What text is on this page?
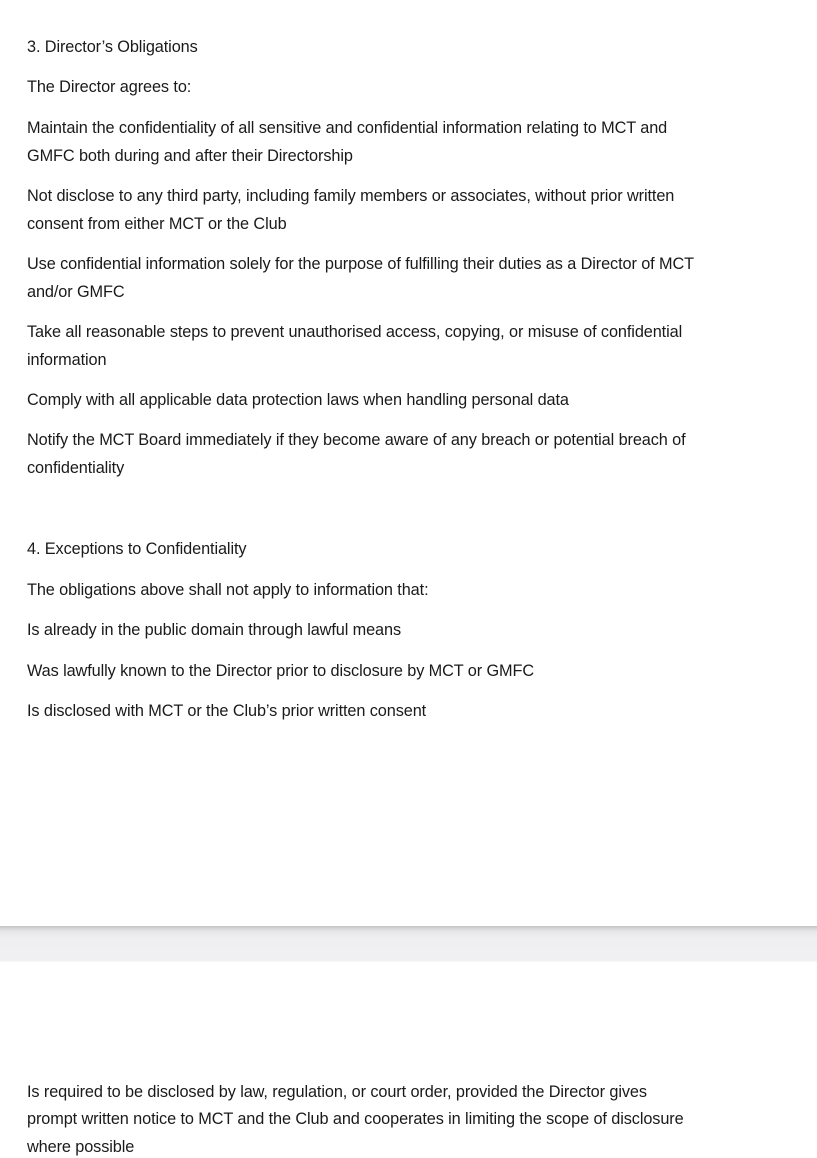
3. Director’s Obligations
The Director agrees to:
Maintain the confidentiality of all sensitive and confidential information relating to MCT and
GMFC both during and after their Directorship
Not disclose to any third party, including family members or associates, without prior written
consent from either MCT or the Club
Use confidential information solely for the purpose of fulfilling their duties as a Director of MCT
and/or GMFC
Take all reasonable steps to prevent unauthorised access, copying, or misuse of confidential
information
Comply with all applicable data protection laws when handling personal data
Notify the MCT Board immediately if they become aware of any breach or potential breach of
confidentiality
4. Exceptions to Confidentiality
The obligations above shall not apply to information that:
Is already in the public domain through lawful means
Was lawfully known to the Director prior to disclosure by MCT or GMFC
Is disclosed with MCT or the Club’s prior written consent
Is required to be disclosed by law, regulation, or court order, provided the Director gives
prompt written notice to MCT and the Club and cooperates in limiting the scope of disclosure
where possible
